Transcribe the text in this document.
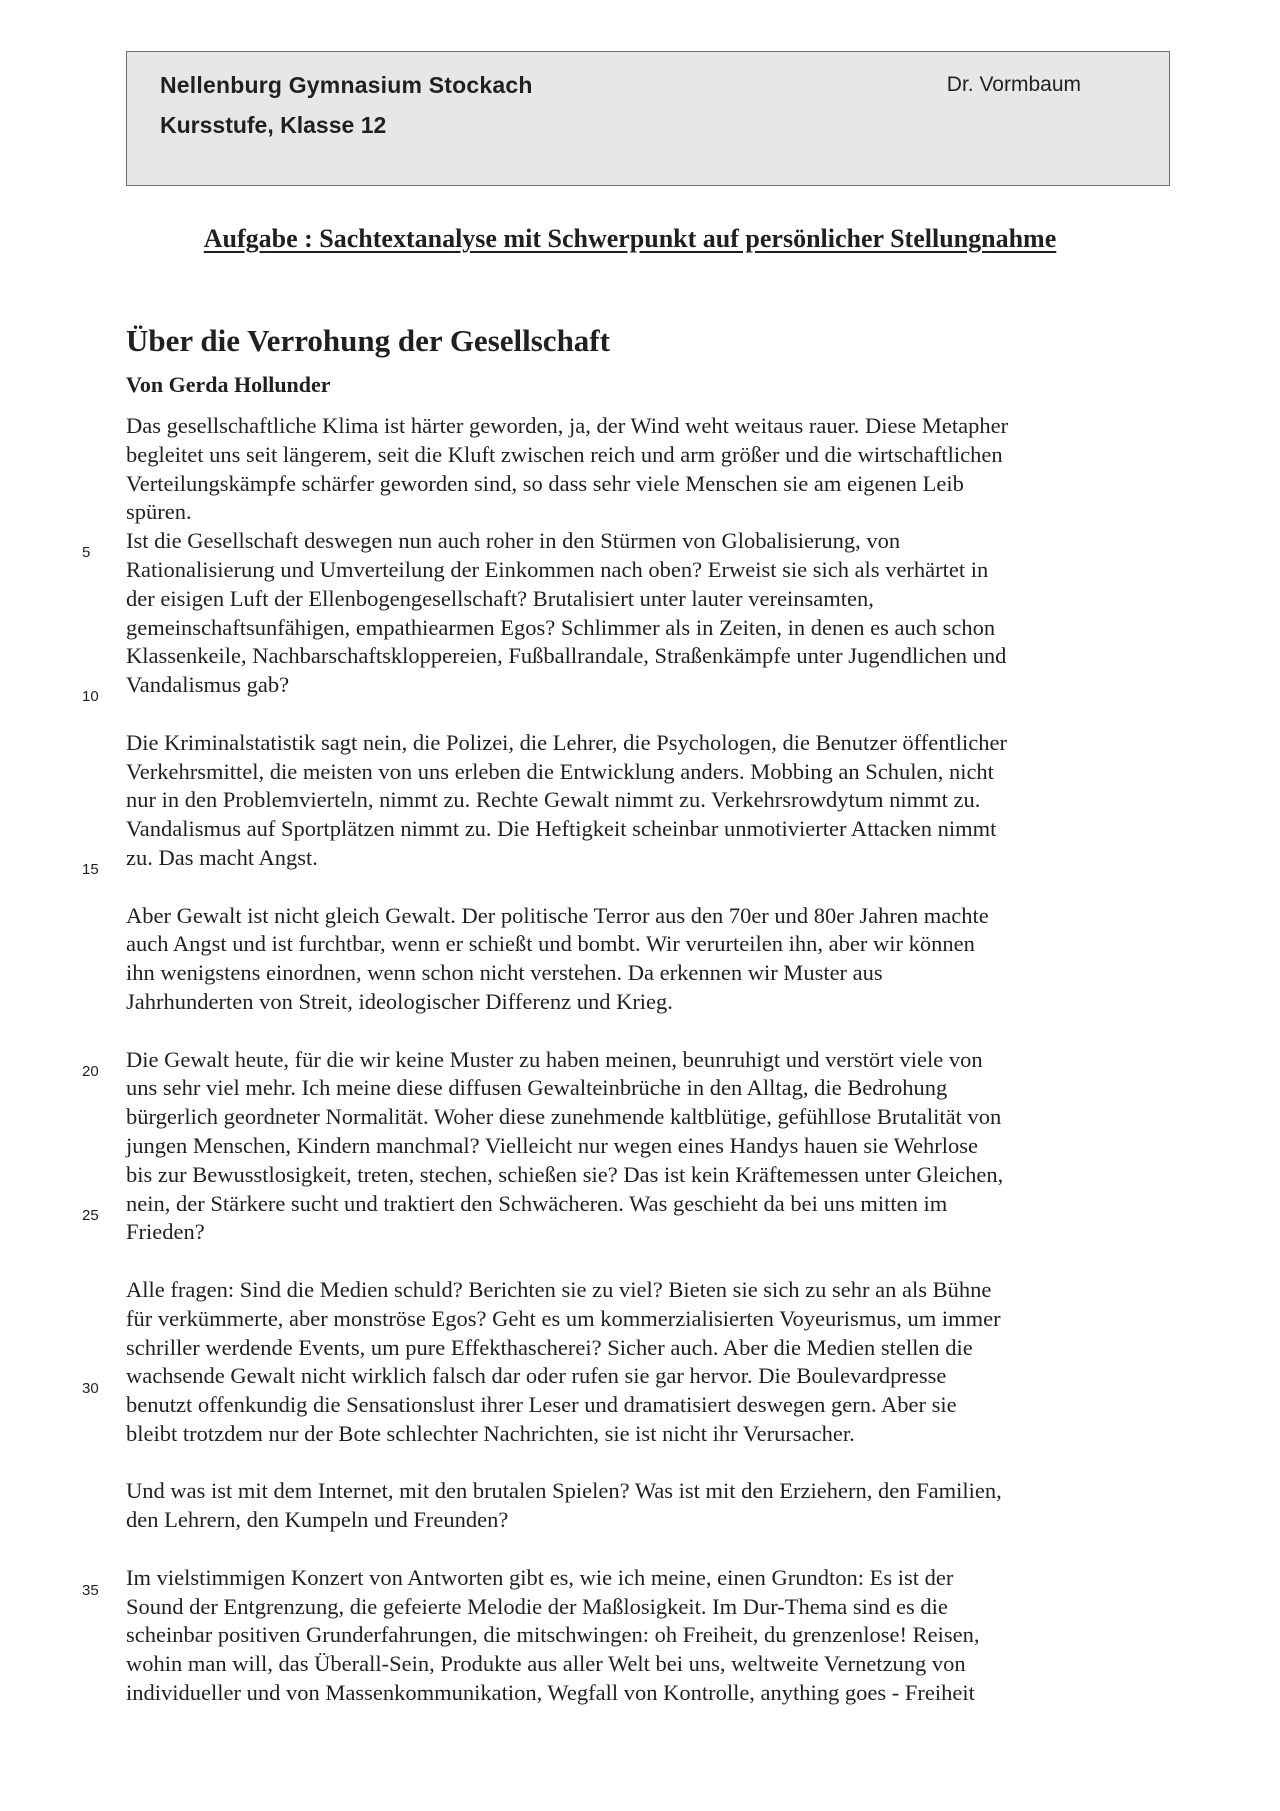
Nellenburg Gymnasium Stockach
Kursstufe, Klasse 12
Dr. Vormbaum
Aufgabe : Sachtextanalyse mit Schwerpunkt auf persönlicher Stellungnahme
Über die Verrohung der Gesellschaft
Von Gerda Hollunder

Das gesellschaftliche Klima ist härter geworden, ja, der Wind weht weitaus rauer. Diese Metapher
begleitet uns seit längerem, seit die Kluft zwischen reich und arm größer und die wirtschaftlichen
Verteilungskämpfe schärfer geworden sind, so dass sehr viele Menschen sie am eigenen Leib
spüren.

Ist die Gesellschaft deswegen nun auch roher in den Stürmen von Globalisierung, von
Rationalisierung und Umverteilung der Einkommen nach oben? Erweist sie sich als verhärtet in
der eisigen Luft der Ellenbogengesellschaft? Brutalisiert unter lauter vereinsamten,
gemeinschaftsunfähigen, empathiearmen Egos? Schlimmer als in Zeiten, in denen es auch schon
Klassenkeile, Nachbarschaftskloppereien, Fußballrandale, Straßenkämpfe unter Jugendlichen und
Vandalismus gab?

Die Kriminalstatistik sagt nein, die Polizei, die Lehrer, die Psychologen, die Benutzer öffentlicher
Verkehrsmittel, die meisten von uns erleben die Entwicklung anders. Mobbing an Schulen, nicht
nur in den Problemvierteln, nimmt zu. Rechte Gewalt nimmt zu. Verkehrsrowdytum nimmt zu.
Vandalismus auf Sportplätzen nimmt zu. Die Heftigkeit scheinbar unmotivierter Attacken nimmt
zu. Das macht Angst.

Aber Gewalt ist nicht gleich Gewalt. Der politische Terror aus den 70er und 80er Jahren machte
auch Angst und ist furchtbar, wenn er schießt und bombt. Wir verurteilen ihn, aber wir können
ihn wenigstens einordnen, wenn schon nicht verstehen. Da erkennen wir Muster aus
Jahrhunderten von Streit, ideologischer Differenz und Krieg.

Die Gewalt heute, für die wir keine Muster zu haben meinen, beunruhigt und verstört viele von
uns sehr viel mehr. Ich meine diese diffusen Gewalteinbrüche in den Alltag, die Bedrohung
bürgerlich geordneter Normalität. Woher diese zunehmende kaltblütige, gefühllose Brutalität von
jungen Menschen, Kindern manchmal? Vielleicht nur wegen eines Handys hauen sie Wehrlose
bis zur Bewusstlosigkeit, treten, stechen, schießen sie? Das ist kein Kräftemessen unter Gleichen,
nein, der Stärkere sucht und traktiert den Schwächeren. Was geschieht da bei uns mitten im
Frieden?

Alle fragen: Sind die Medien schuld? Berichten sie zu viel? Bieten sie sich zu sehr an als Bühne
für verkümmerte, aber monströse Egos? Geht es um kommerzialisierten Voyeurismus, um immer
schriller werdende Events, um pure Effekthascherei? Sicher auch. Aber die Medien stellen die
wachsende Gewalt nicht wirklich falsch dar oder rufen sie gar hervor. Die Boulevardpresse
benutzt offenkundig die Sensationslust ihrer Leser und dramatisiert deswegen gern. Aber sie
bleibt trotzdem nur der Bote schlechter Nachrichten, sie ist nicht ihr Verursacher.

Und was ist mit dem Internet, mit den brutalen Spielen? Was ist mit den Erziehern, den Familien,
den Lehrern, den Kumpeln und Freunden?

Im vielstimmigen Konzert von Antworten gibt es, wie ich meine, einen Grundton: Es ist der
Sound der Entgrenzung, die gefeierte Melodie der Maßlosigkeit. Im Dur-Thema sind es die
scheinbar positiven Grunderfahrungen, die mitschwingen: oh Freiheit, du grenzenlose! Reisen,
wohin man will, das Überall-Sein, Produkte aus aller Welt bei uns, weltweite Vernetzung von
individueller und von Massenkommunikation, Wegfall von Kontrolle, anything goes - Freiheit

5
10
15
20
25
30
35
